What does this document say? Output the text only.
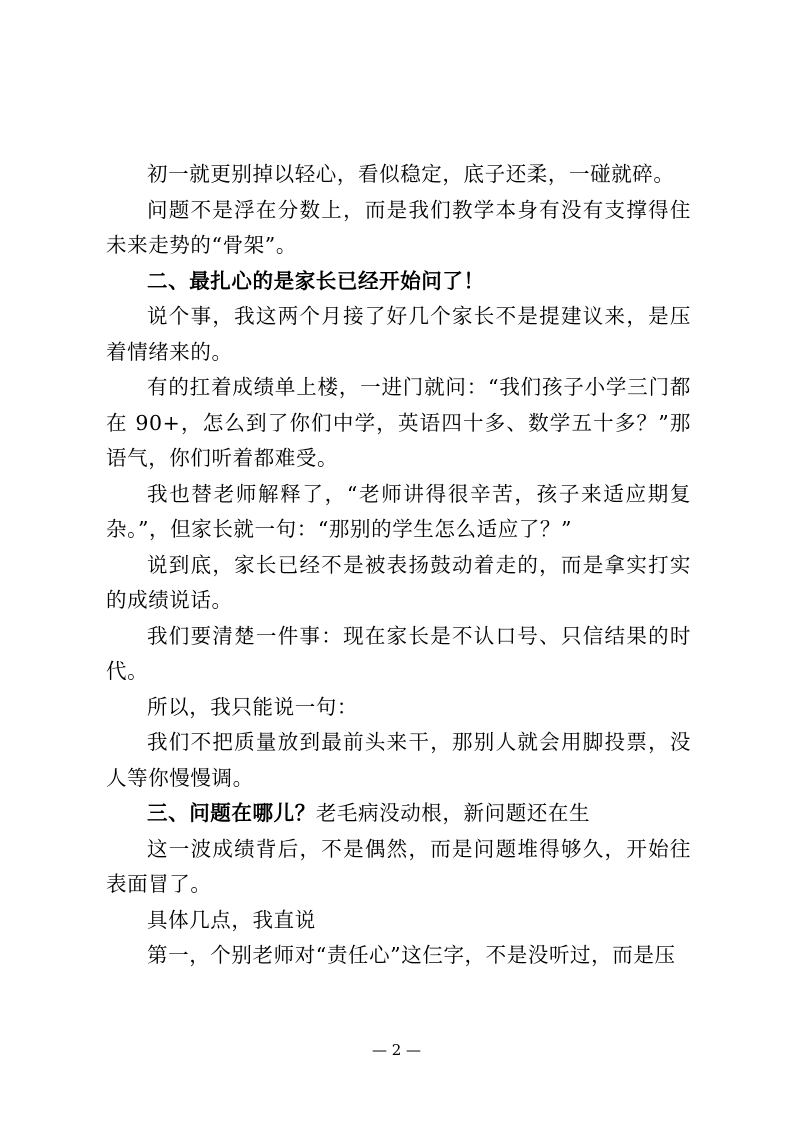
初一就更别掉以轻心，看似稳定，底子还柔，一碰就碎。

问题不是浮在分数上，而是我们教学本身有没有支撑得住未来走势的“骨架”。

二、最扎心的是家长已经开始问了！

说个事，我这两个月接了好几个家长不是提建议来，是压着情绪来的。

有的扛着成绩单上楼，一进门就问：“我们孩子小学三门都在 90+，怎么到了你们中学，英语四十多、数学五十多？”那语气，你们听着都难受。

我也替老师解释了，“老师讲得很辛苦，孩子来适应期复杂。”，但家长就一句：“那别的学生怎么适应了？”

说到底，家长已经不是被表扬鼓动着走的，而是拿实打实的成绩说话。

我们要清楚一件事：现在家长是不认口号、只信结果的时代。

所以，我只能说一句：

我们不把质量放到最前头来干，那别人就会用脚投票，没人等你慢慢调。

三、问题在哪儿？老毛病没动根，新问题还在生

这一波成绩背后，不是偶然，而是问题堆得够久，开始往表面冒了。

具体几点，我直说

第一，个别老师对“责任心”这仨字，不是没听过，而是压

— 2 —
